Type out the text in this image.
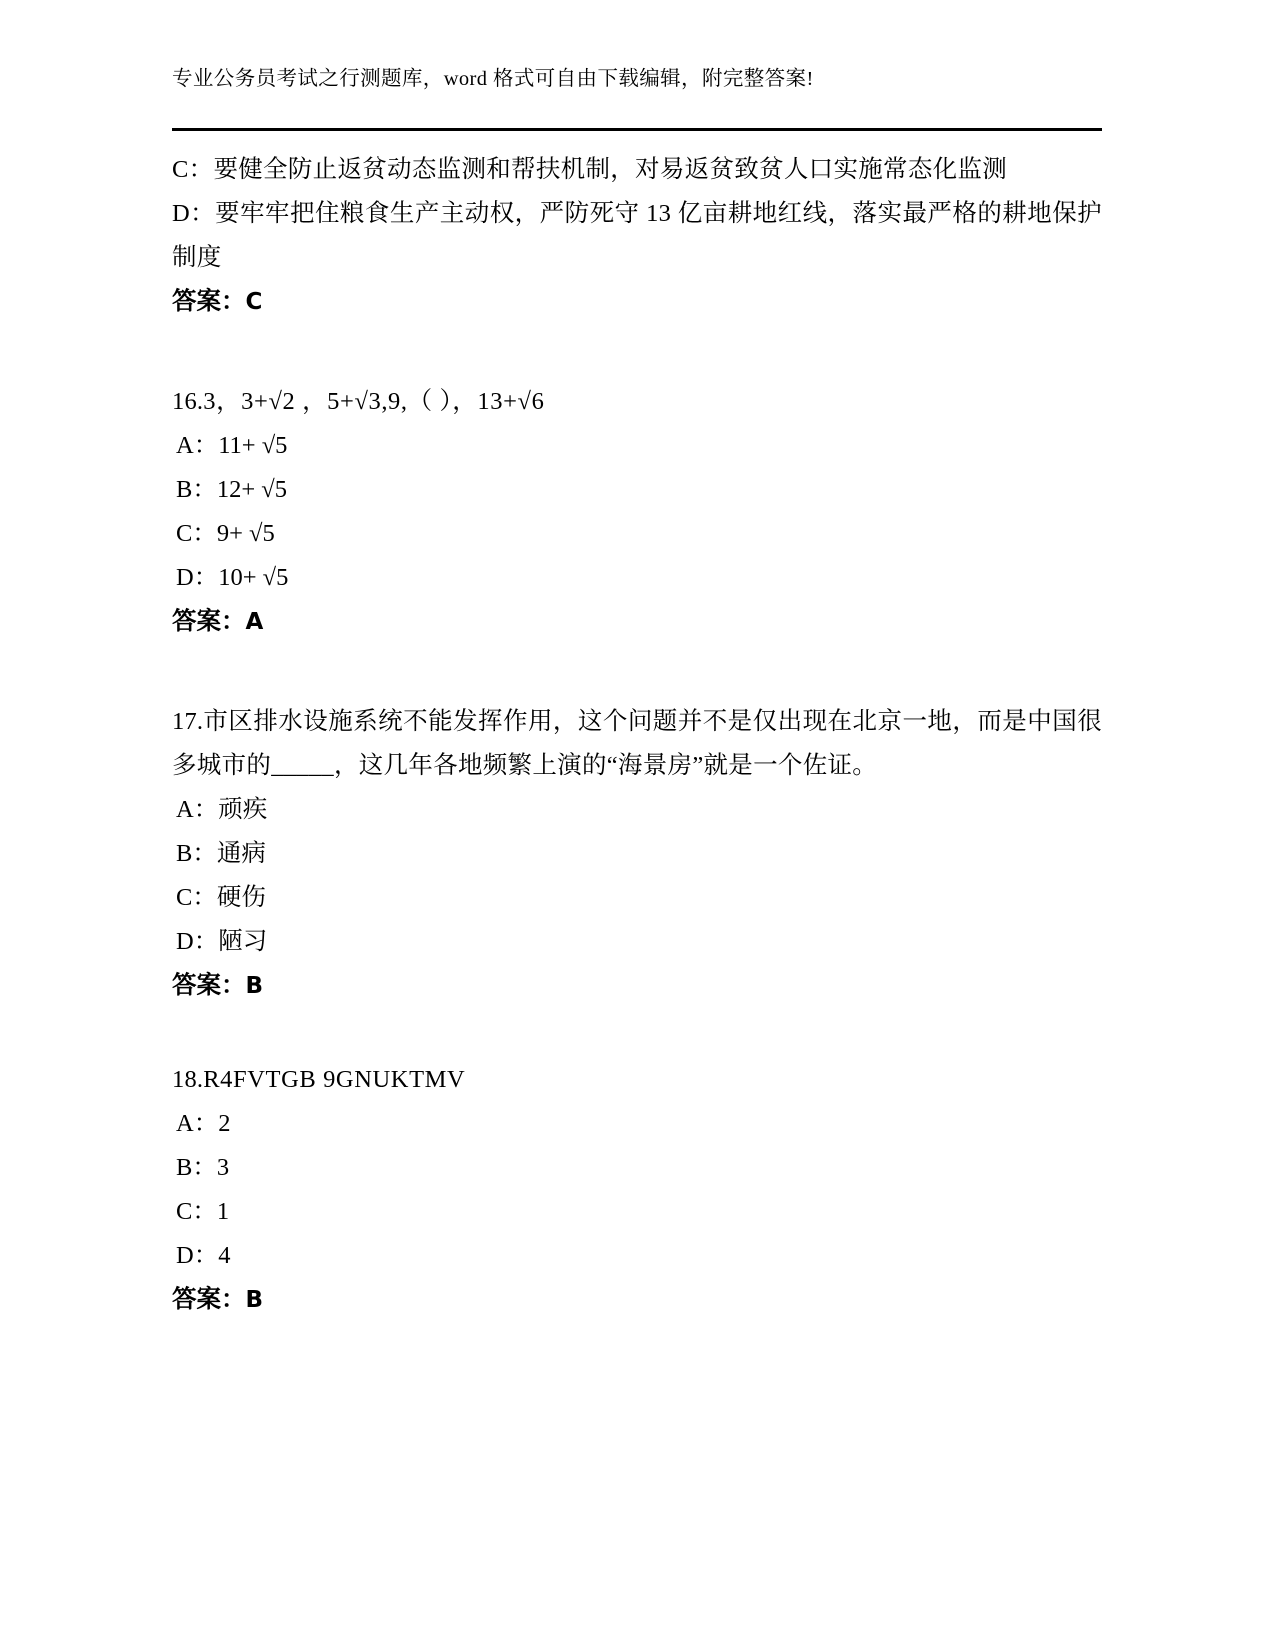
专业公务员考试之行测题库，word 格式可自由下载编辑，附完整答案!

C：要健全防止返贫动态监测和帮扶机制，对易返贫致贫人口实施常态化监测

D：要牢牢把住粮食生产主动权，严防死守 13 亿亩耕地红线，落实最严格的耕地保护制度

答案：C

16.3，3+√2 ，5+√3,9,（ ），13+√6

A：11+ √5

B：12+ √5

C：9+ √5

D：10+ √5

答案：A

17.市区排水设施系统不能发挥作用，这个问题并不是仅出现在北京一地，而是中国很多城市的_____，这几年各地频繁上演的“海景房”就是一个佐证。

A：顽疾

B：通病

C：硬伤

D：陋习

答案：B

18.R4FVTGB 9GNUKTMV

A：2

B：3

C：1

D：4

答案：B
